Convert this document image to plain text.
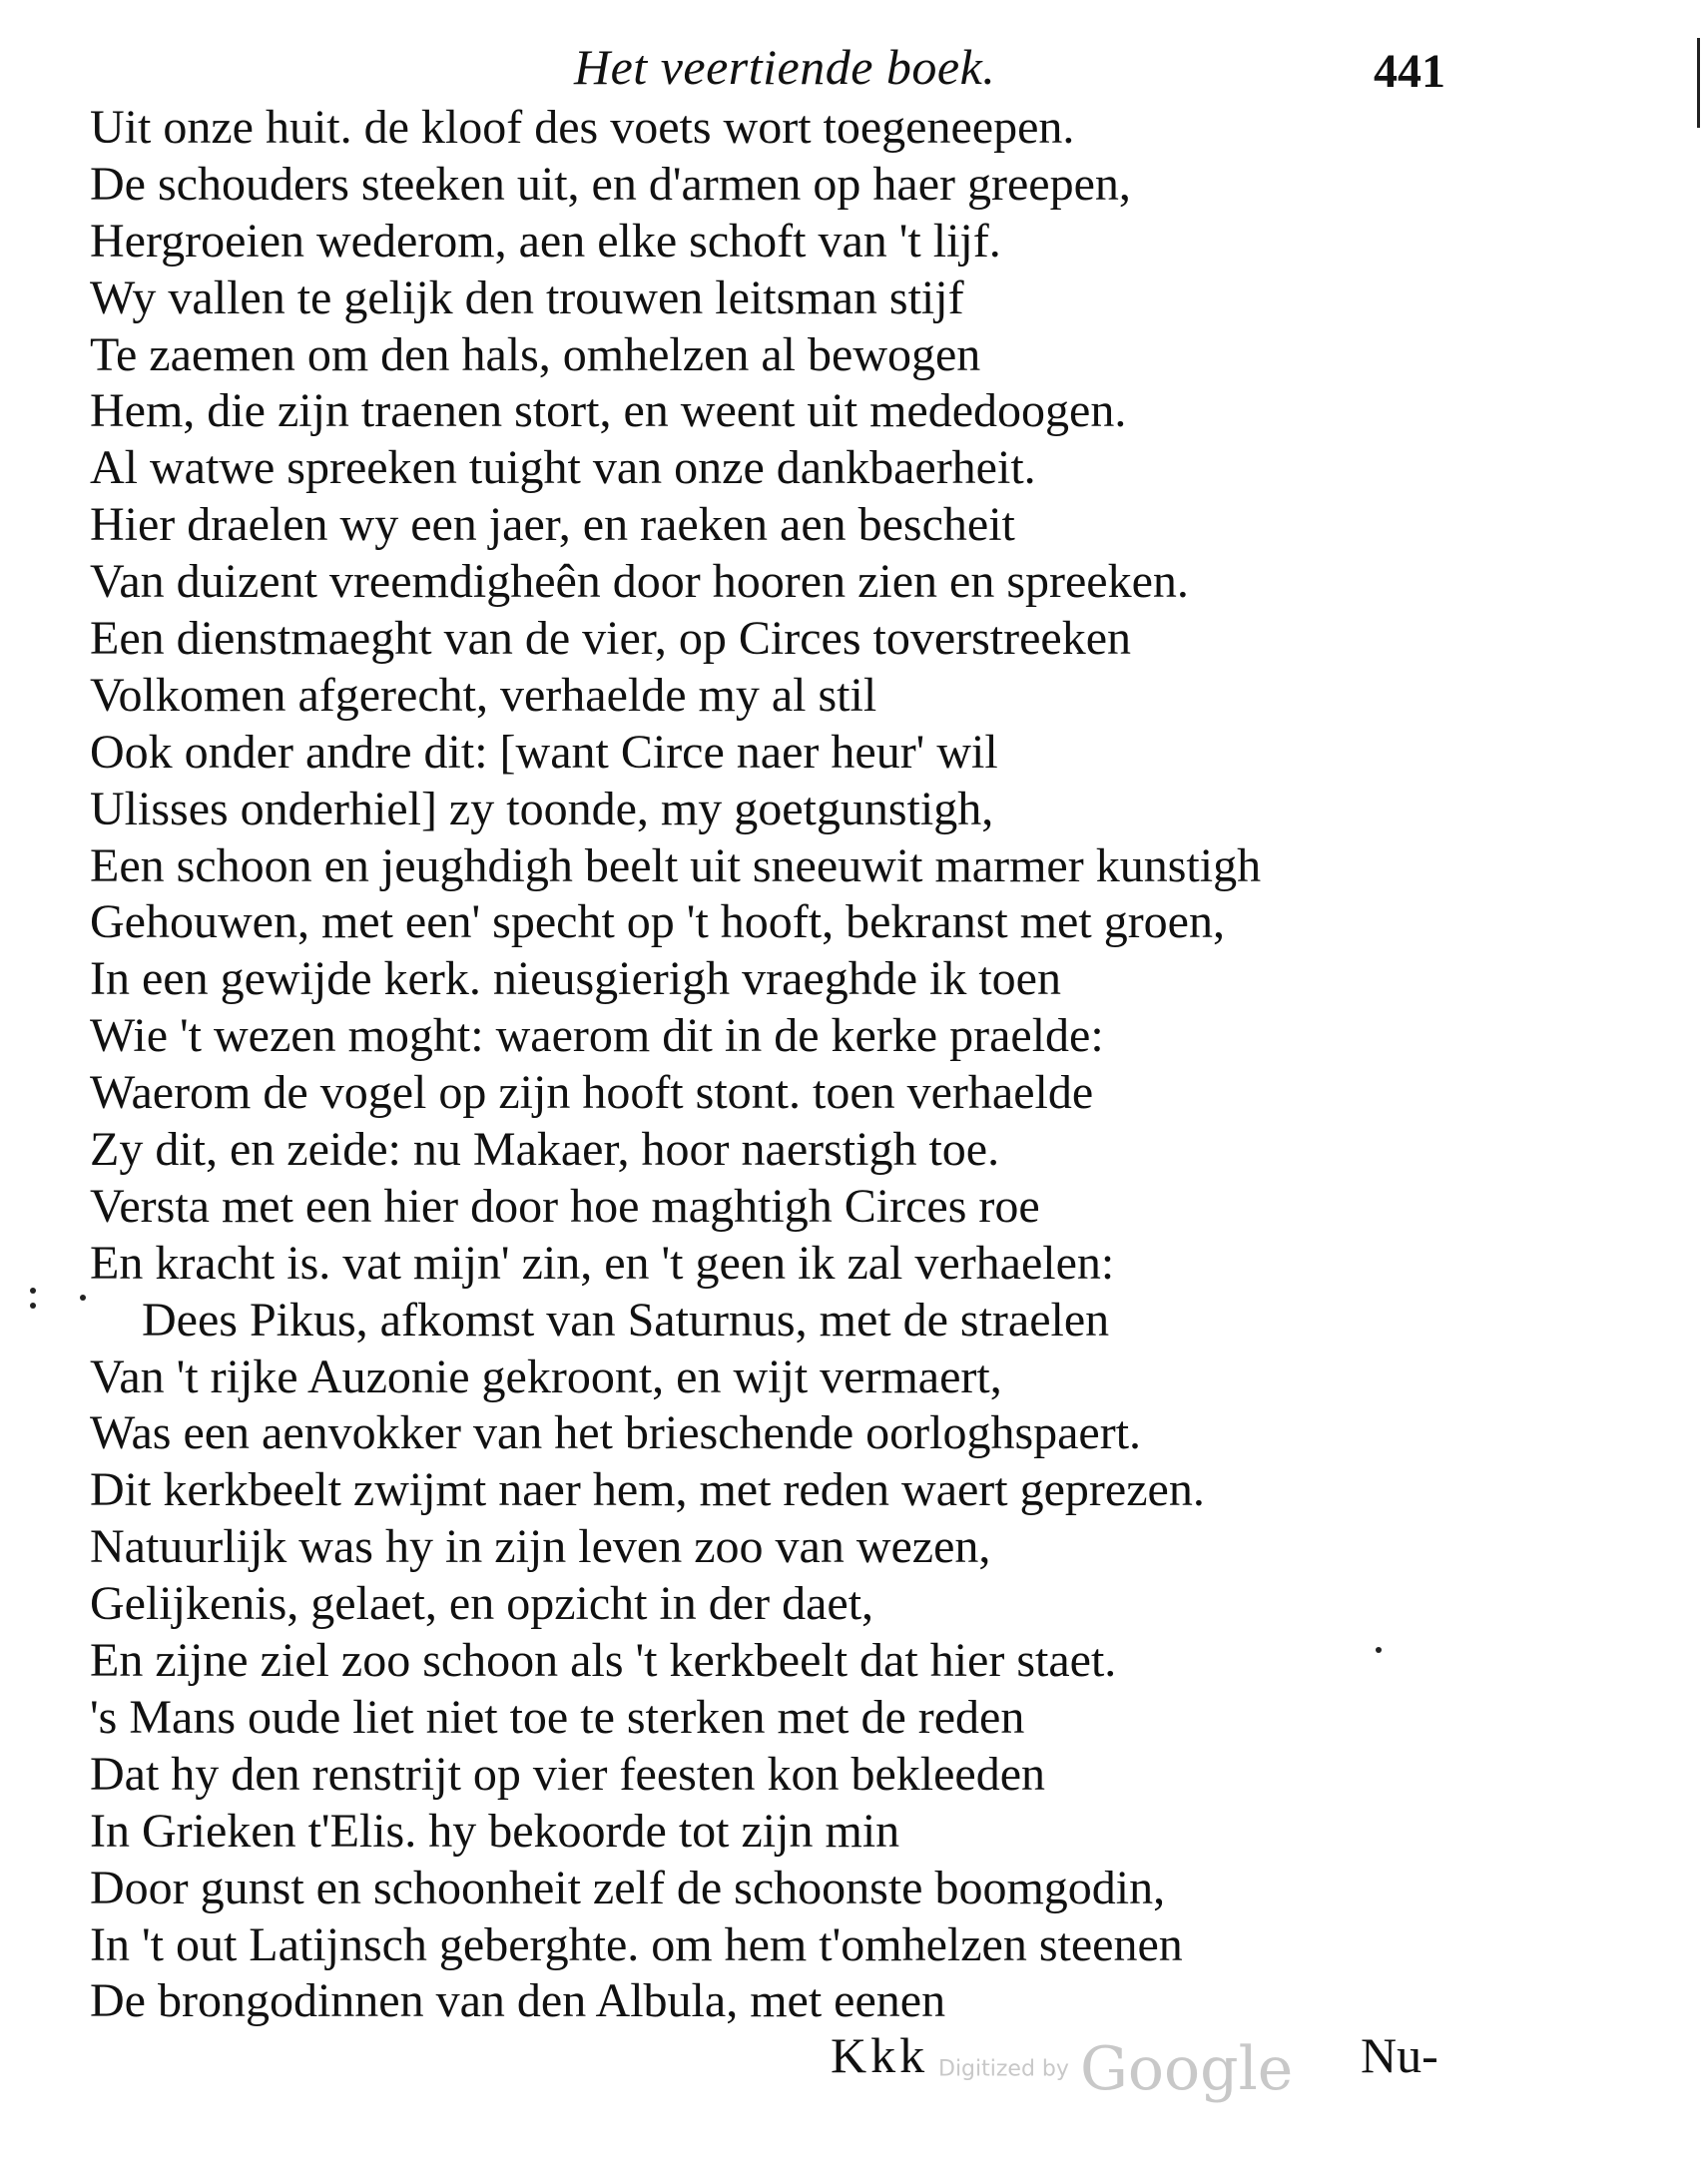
Het veertiende boek.	441
Uit onze huit. de kloof des voets wort toegeneepen.
De schouders steeken uit, en d'armen op haer greepen,
Hergroeien wederom, aen elke schoft van 't lijf.
Wy vallen te gelijk den trouwen leitsman stijf
Te zaemen om den hals, omhelzen al bewogen
Hem, die zijn traenen stort, en weent uit mededoogen.
Al watwe spreeken tuight van onze dankbaerheit.
Hier draelen wy een jaer, en raeken aen bescheit
Van duizent vreemdigheên door hooren zien en spreeken.
Een dienstmaeght van de vier, op Circes toverstreeken
Volkomen afgerecht, verhaelde my al stil
Ook onder andre dit: [want Circe naer heur' wil
Ulisses onderhiel] zy toonde, my goetgunstigh,
Een schoon en jeughdigh beelt uit sneeuwit marmer kunstigh
Gehouwen, met een' specht op 't hooft, bekranst met groen,
In een gewijde kerk. nieusgierigh vraeghde ik toen
Wie 't wezen moght: waerom dit in de kerke praelde:
Waerom de vogel op zijn hooft stont. toen verhaelde
Zy dit, en zeide: nu Makaer, hoor naerstigh toe.
Versta met een hier door hoe maghtigh Circes roe
En kracht is. vat mijn' zin, en 't geen ik zal verhaelen:
Dees Pikus, afkomst van Saturnus, met de straelen
Van 't rijke Auzonie gekroont, en wijt vermaert,
Was een aenvokker van het brieschende oorloghspaert.
Dit kerkbeelt zwijmt naer hem, met reden waert geprezen.
Natuurlijk was hy in zijn leven zoo van wezen,
Gelijkenis, gelaet, en opzicht in der daet,
En zijne ziel zoo schoon als 't kerkbeelt dat hier staet.
's Mans oude liet niet toe te sterken met de reden
Dat hy den renstrijt op vier feesten kon bekleeden
In Grieken t'Elis. hy bekoorde tot zijn min
Door gunst en schoonheit zelf de schoonste boomgodin,
In 't out Latijnsch geberghte. om hem t'omhelzen steenen
De brongodinnen van den Albula, met eenen
Kkk Digitized by Google Nu-
